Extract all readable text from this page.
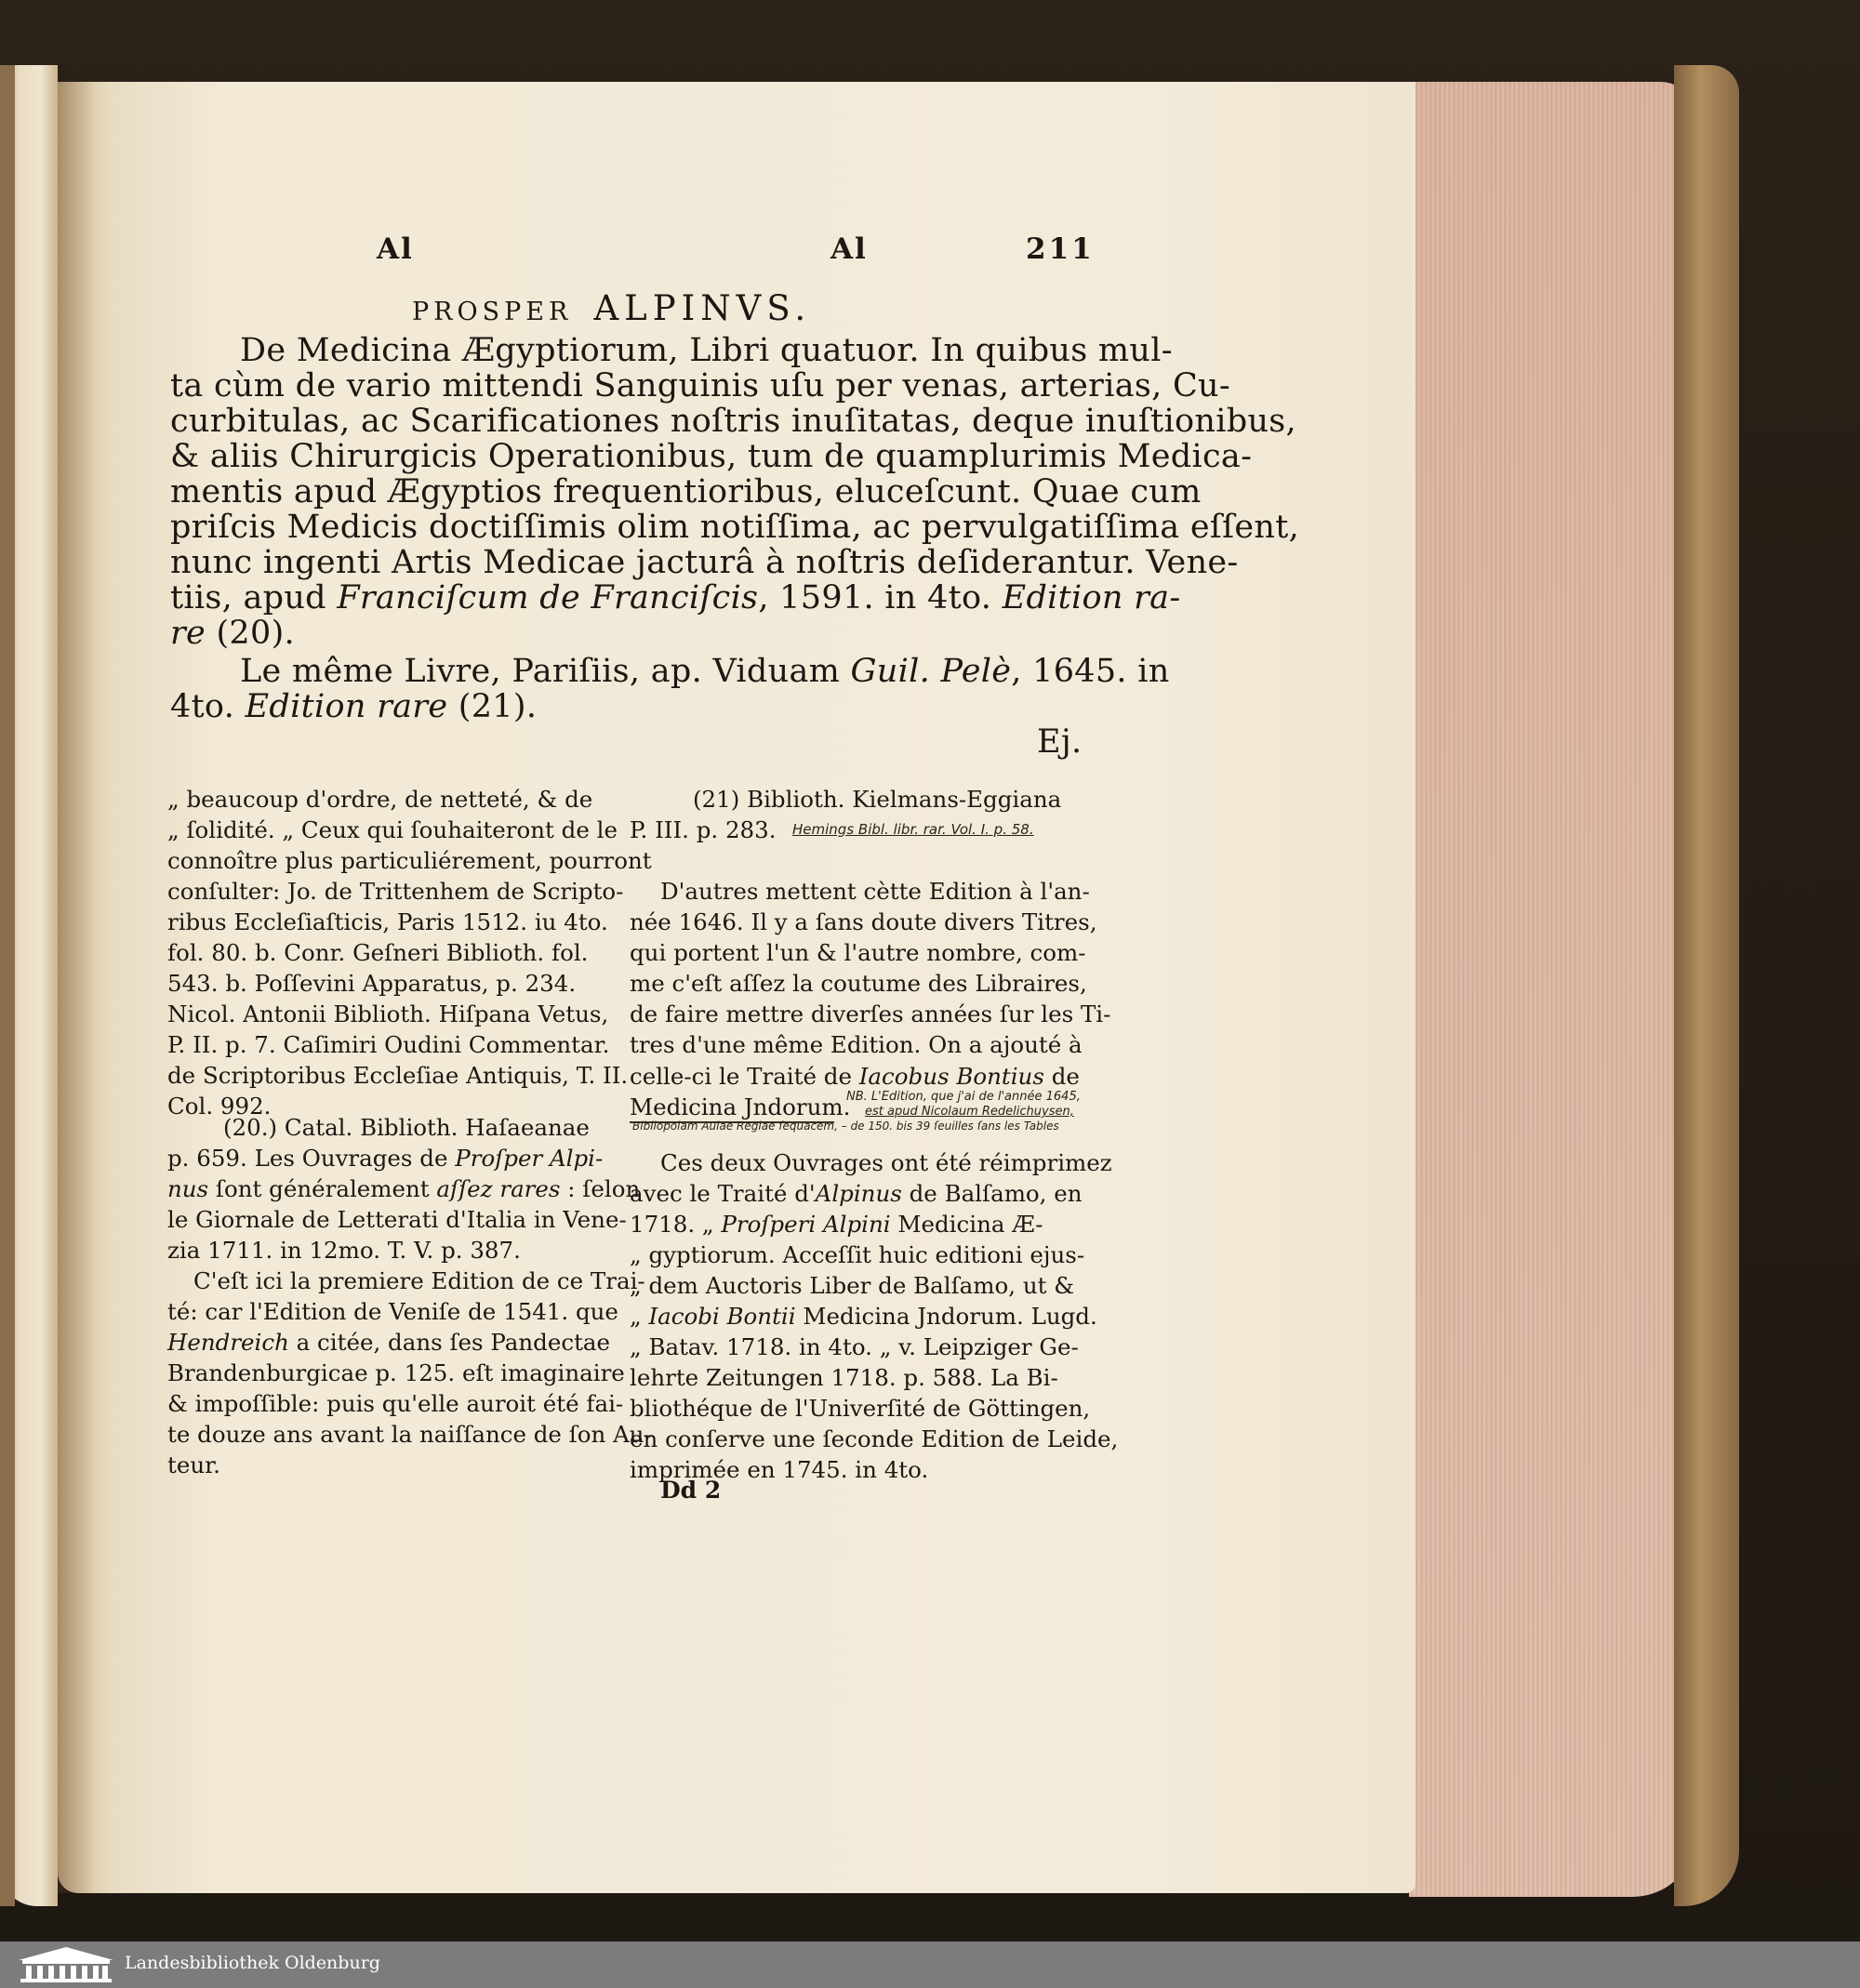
Al	Al	211
PROSPER ALPINVS.
De Medicina Ægyptiorum, Libri quatuor. In quibus mul-
ta cùm de vario mittendi Sanguinis uſu per venas, arterias, Cu-
curbitulas, ac Scarificationes noſtris inuſitatas, deque inuſtionibus,
& aliis Chirurgicis Operationibus, tum de quamplurimis Medica-
mentis apud Ægyptios frequentioribus, eluceſcunt. Quae cum
priſcis Medicis doctiſſimis olim notiſſima, ac pervulgatiſſima eſſent,
nunc ingenti Artis Medicae jacturâ à noſtris deſiderantur. Vene-
tiis, apud Franciſcum de Franciſcis, 1591. in 4to. Edition ra-
re (20).
Le même Livre, Pariſiis, ap. Viduam Guil. Pelè, 1645. in
4to. Edition rare (21).
Ej.
„ beaucoup d'ordre, de netteté, & de
„ ſolidité. „ Ceux qui ſouhaiteront de le
connoître plus particuliérement, pourront
conſulter: Jo. de Trittenhem de Scripto-
ribus Eccleſiaſticis, Paris 1512. iu 4to.
fol. 80. b. Conr. Geſneri Biblioth. fol.
543. b. Poſſevini Apparatus, p. 234.
Nicol. Antonii Biblioth. Hiſpana Vetus,
P. II. p. 7. Caſimiri Oudini Commentar.
de Scriptoribus Eccleſiae Antiquis, T. II.
Col. 992.
(20.) Catal. Biblioth. Haſaeanae
p. 659. Les Ouvrages de Proſper Alpi-
nus ſont généralement aſſez rares : ſelon
le Giornale de Letterati d'Italia in Vene-
zia 1711. in 12mo. T. V. p. 387.
C'eſt ici la premiere Edition de ce Trai-
té: car l'Edition de Veniſe de 1541. que
Hendreich a citée, dans ſes Pandectae
Brandenburgicae p. 125. eſt imaginaire
& impoſſible: puis qu'elle auroit été fai-
te douze ans avant la naiſſance de ſon Au-
teur.
(21) Biblioth. Kielmans-Eggiana
P. III. p. 283. Hemings Bibl. libr. rar. Vol. I. p. 58.
D'autres mettent cètte Edition à l'an-
née 1646. Il y a ſans doute divers Titres,
qui portent l'un & l'autre nombre, com-
me c'eſt aſſez la coutume des Libraires,
de faire mettre diverſes années ſur les Ti-
tres d'une même Edition. On a ajouté à
celle-ci le Traité de Iacobus Bontius de
Medicina Jndorum.
NB. L'Edition, que j'ai de l'année 1645,
est apud Nicolaum Redelichuysen,
Bibliopolam Aulae Regiae ſequacem, – de 150. bis 39 ſeuilles ſans les Tables
Ces deux Ouvrages ont été réimprimez
avec le Traité d'Alpinus de Balſamo, en
1718. „ Proſperi Alpini Medicina Æ-
„ gyptiorum. Acceſſit huic editioni ejus-
„ dem Auctoris Liber de Balſamo, ut &
„ Iacobi Bontii Medicina Jndorum. Lugd.
„ Batav. 1718. in 4to. „ v. Leipziger Ge-
lehrte Zeitungen 1718. p. 588. La Bi-
bliothéque de l'Univerſité de Göttingen,
en conſerve une ſeconde Edition de Leide,
imprimée en 1745. in 4to.
Dd 2
Landesbibliothek Oldenburg
